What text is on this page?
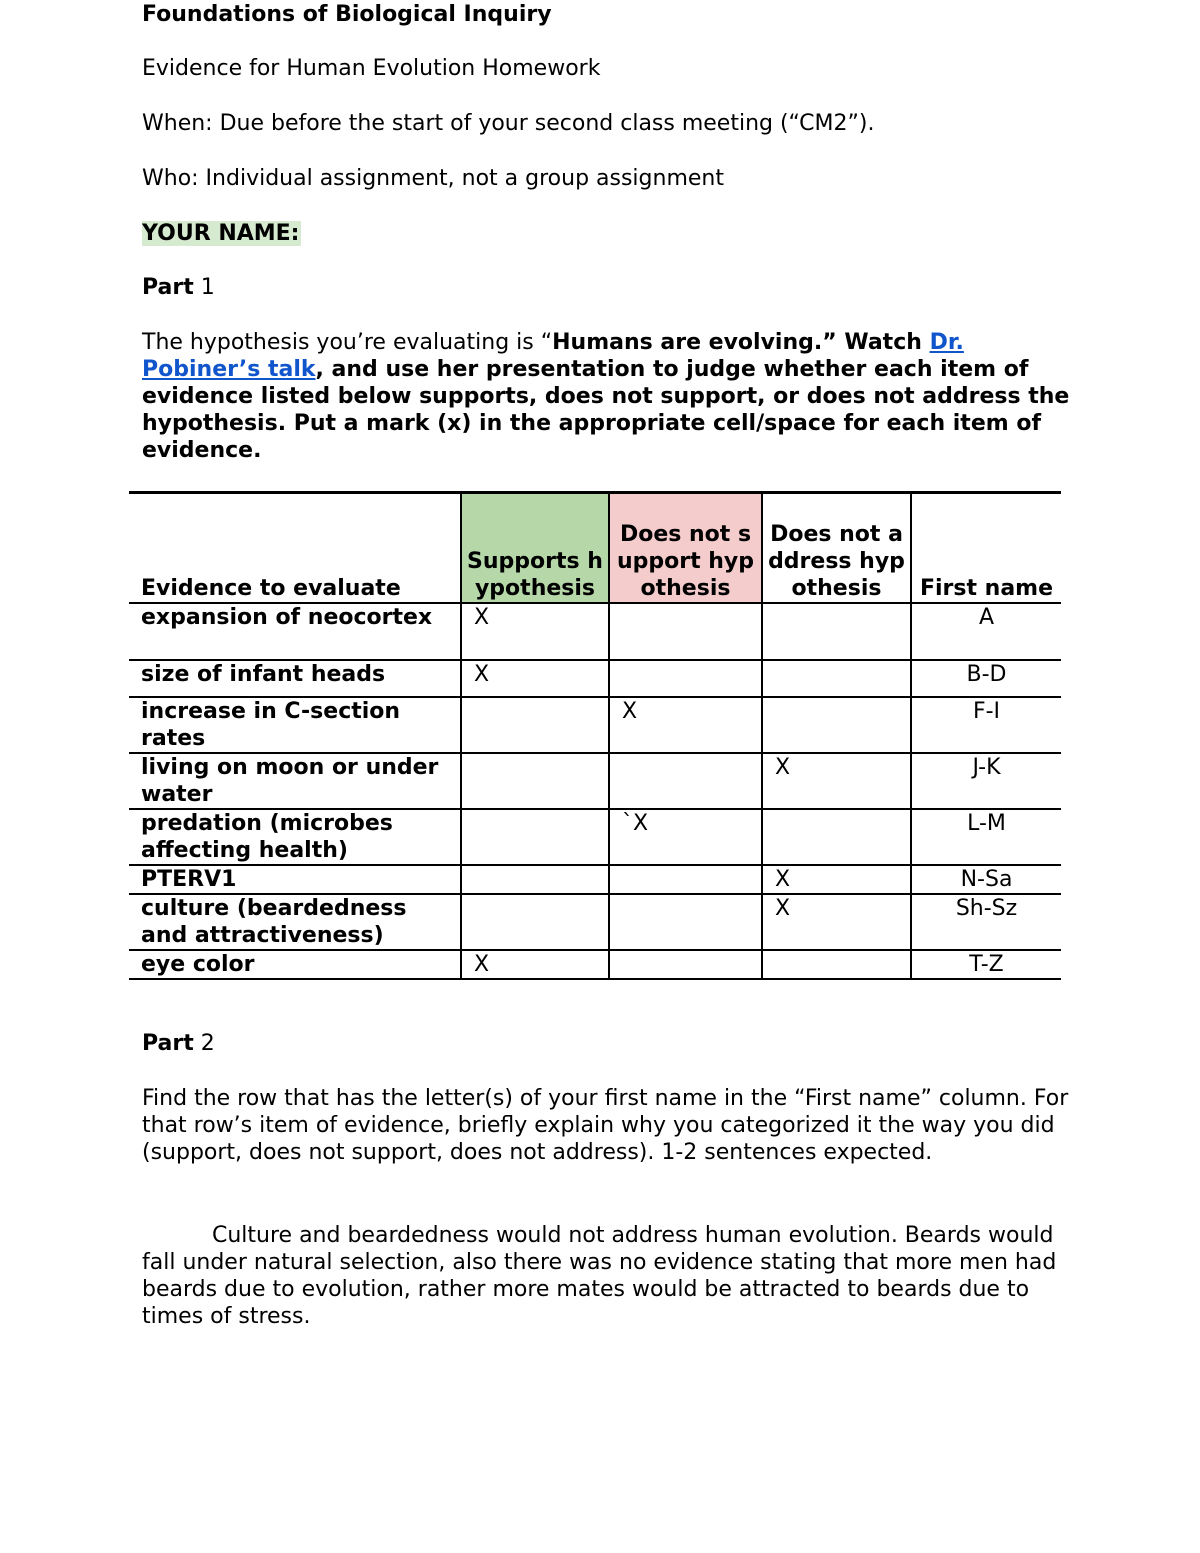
Foundations of Biological Inquiry
Evidence for Human Evolution Homework
When: Due before the start of your second class meeting (“CM2”).
Who: Individual assignment, not a group assignment
YOUR NAME:
Part 1
The hypothesis you’re evaluating is “Humans are evolving.” Watch Dr. Pobiner’s talk, and use her presentation to judge whether each item of evidence listed below supports, does not support, or does not address the hypothesis. Put a mark (x) in the appropriate cell/space for each item of evidence.
Evidence to evaluate	Supports hypothesis	Does not support hypothesis	Does not address hypothesis	First name

expansion of neocortex	X			A
size of infant heads	X			B-D
increase in C-section rates		X		F-I
living on moon or under water			X	J-K
predation (microbes affecting health)		`X		L-M
PTERV1			X	N-Sa
culture (beardedness and attractiveness)			X	Sh-Sz
eye color	X			T-Z
Part 2
Find the row that has the letter(s) of your first name in the “First name” column. For that row’s item of evidence, briefly explain why you categorized it the way you did (support, does not support, does not address). 1-2 sentences expected.
Culture and beardedness would not address human evolution. Beards would fall under natural selection, also there was no evidence stating that more men had beards due to evolution, rather more mates would be attracted to beards due to times of stress.
